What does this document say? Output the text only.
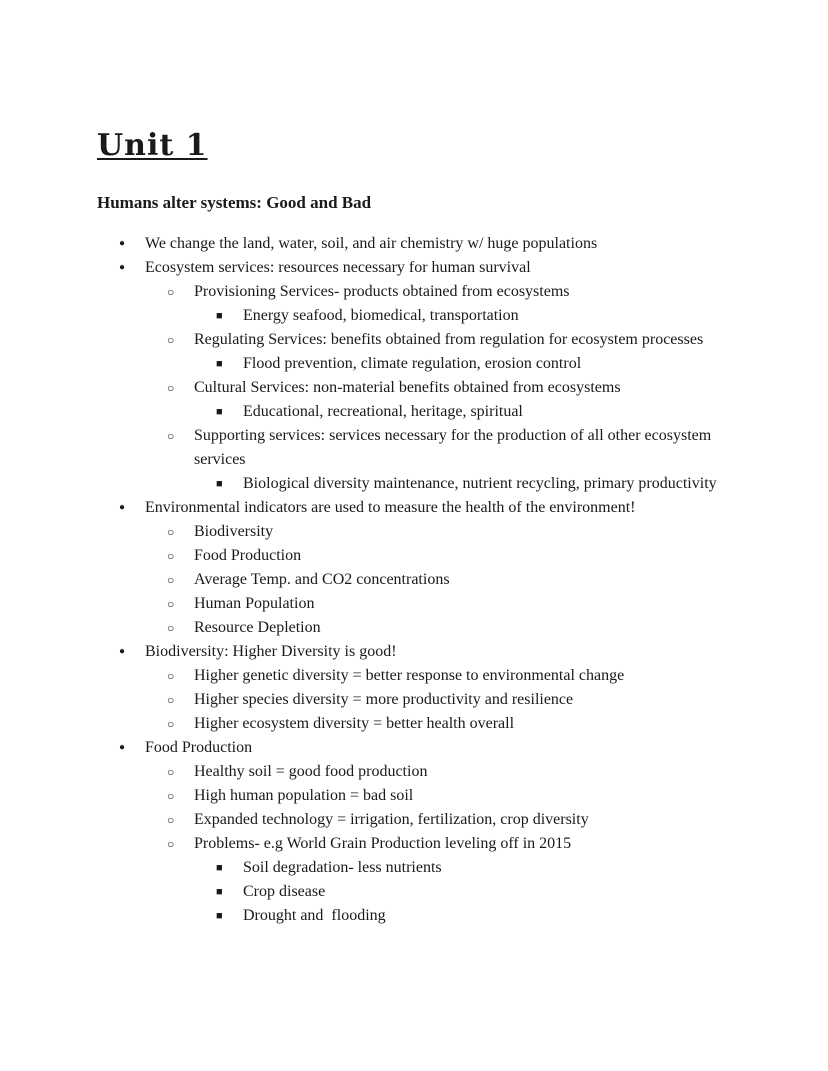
Unit 1
Humans alter systems: Good and Bad
● We change the land, water, soil, and air chemistry w/ huge populations
● Ecosystem services: resources necessary for human survival
○ Provisioning Services- products obtained from ecosystems
■ Energy seafood, biomedical, transportation
○ Regulating Services: benefits obtained from regulation for ecosystem processes
■ Flood prevention, climate regulation, erosion control
○ Cultural Services: non-material benefits obtained from ecosystems
■ Educational, recreational, heritage, spiritual
○ Supporting services: services necessary for the production of all other ecosystem services
■ Biological diversity maintenance, nutrient recycling, primary productivity
● Environmental indicators are used to measure the health of the environment!
○ Biodiversity
○ Food Production
○ Average Temp. and CO2 concentrations
○ Human Population
○ Resource Depletion
● Biodiversity: Higher Diversity is good!
○ Higher genetic diversity = better response to environmental change
○ Higher species diversity = more productivity and resilience
○ Higher ecosystem diversity = better health overall
● Food Production
○ Healthy soil = good food production
○ High human population = bad soil
○ Expanded technology = irrigation, fertilization, crop diversity
○ Problems- e.g World Grain Production leveling off in 2015
■ Soil degradation- less nutrients
■ Crop disease
■ Drought and  flooding
